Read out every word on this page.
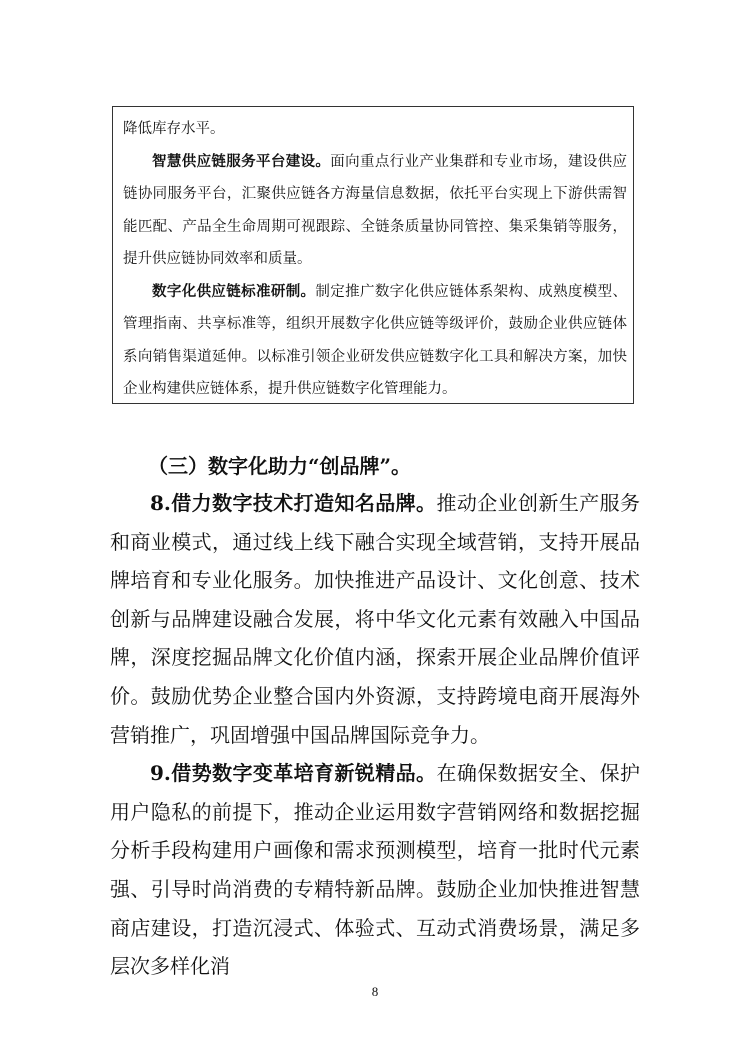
降低库存水平。

智慧供应链服务平台建设。面向重点行业产业集群和专业市场，建设供应链协同服务平台，汇聚供应链各方海量信息数据，依托平台实现上下游供需智能匹配、产品全生命周期可视跟踪、全链条质量协同管控、集采集销等服务，提升供应链协同效率和质量。

数字化供应链标准研制。制定推广数字化供应链体系架构、成熟度模型、管理指南、共享标准等，组织开展数字化供应链等级评价，鼓励企业供应链体系向销售渠道延伸。以标准引领企业研发供应链数字化工具和解决方案，加快企业构建供应链体系，提升供应链数字化管理能力。

（三）数字化助力“创品牌”。

8.借力数字技术打造知名品牌。推动企业创新生产服务和商业模式，通过线上线下融合实现全域营销，支持开展品牌培育和专业化服务。加快推进产品设计、文化创意、技术创新与品牌建设融合发展，将中华文化元素有效融入中国品牌，深度挖掘品牌文化价值内涵，探索开展企业品牌价值评价。鼓励优势企业整合国内外资源，支持跨境电商开展海外营销推广，巩固增强中国品牌国际竞争力。

9.借势数字变革培育新锐精品。在确保数据安全、保护用户隐私的前提下，推动企业运用数字营销网络和数据挖掘分析手段构建用户画像和需求预测模型，培育一批时代元素强、引导时尚消费的专精特新品牌。鼓励企业加快推进智慧商店建设，打造沉浸式、体验式、互动式消费场景，满足多层次多样化消

8
